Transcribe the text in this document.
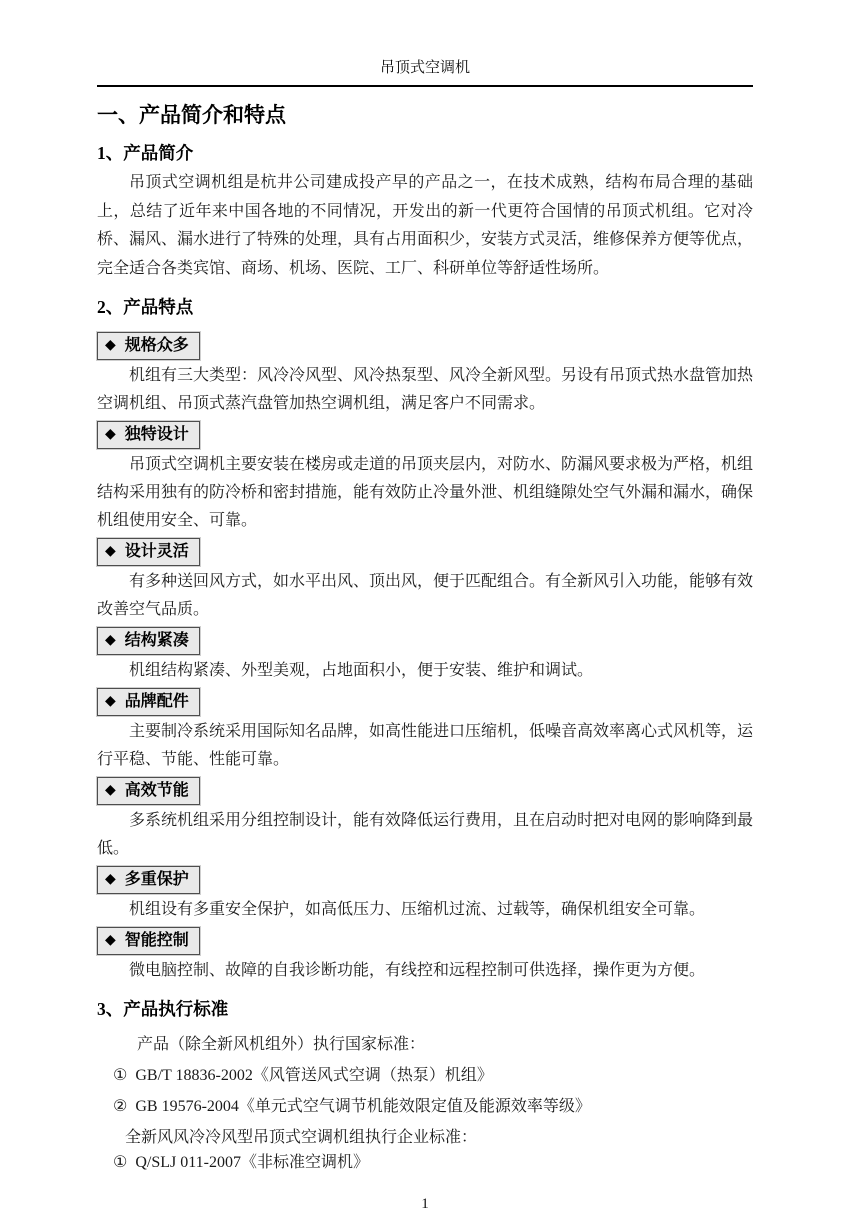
吊顶式空调机
一、产品简介和特点
1、产品简介

吊顶式空调机组是杭井公司建成投产早的产品之一，在技术成熟，结构布局合理的基础上，总结了近年来中国各地的不同情况，开发出的新一代更符合国情的吊顶式机组。它对冷桥、漏风、漏水进行了特殊的处理，具有占用面积少，安装方式灵活，维修保养方便等优点，完全适合各类宾馆、商场、机场、医院、工厂、科研单位等舒适性场所。

2、产品特点
◆ 规格众多

机组有三大类型：风冷冷风型、风冷热泵型、风冷全新风型。另设有吊顶式热水盘管加热空调机组、吊顶式蒸汽盘管加热空调机组，满足客户不同需求。

◆ 独特设计

吊顶式空调机主要安装在楼房或走道的吊顶夹层内，对防水、防漏风要求极为严格，机组结构采用独有的防冷桥和密封措施，能有效防止冷量外泄、机组缝隙处空气外漏和漏水，确保机组使用安全、可靠。

◆ 设计灵活

有多种送回风方式，如水平出风、顶出风，便于匹配组合。有全新风引入功能，能够有效改善空气品质。

◆ 结构紧凑

机组结构紧凑、外型美观，占地面积小，便于安装、维护和调试。

◆ 品牌配件

主要制冷系统采用国际知名品牌，如高性能进口压缩机，低噪音高效率离心式风机等，运行平稳、节能、性能可靠。

◆ 高效节能

多系统机组采用分组控制设计，能有效降低运行费用，且在启动时把对电网的影响降到最低。

◆ 多重保护

机组设有多重安全保护，如高低压力、压缩机过流、过载等，确保机组安全可靠。

◆ 智能控制

微电脑控制、故障的自我诊断功能，有线控和远程控制可供选择，操作更为方便。

3、产品执行标准

产品（除全新风机组外）执行国家标准：

① GB/T 18836-2002《风管送风式空调（热泵）机组》

② GB 19576-2004《单元式空气调节机能效限定值及能源效率等级》

全新风风冷冷风型吊顶式空调机组执行企业标准：

① Q/SLJ 011-2007《非标准空调机》

1
